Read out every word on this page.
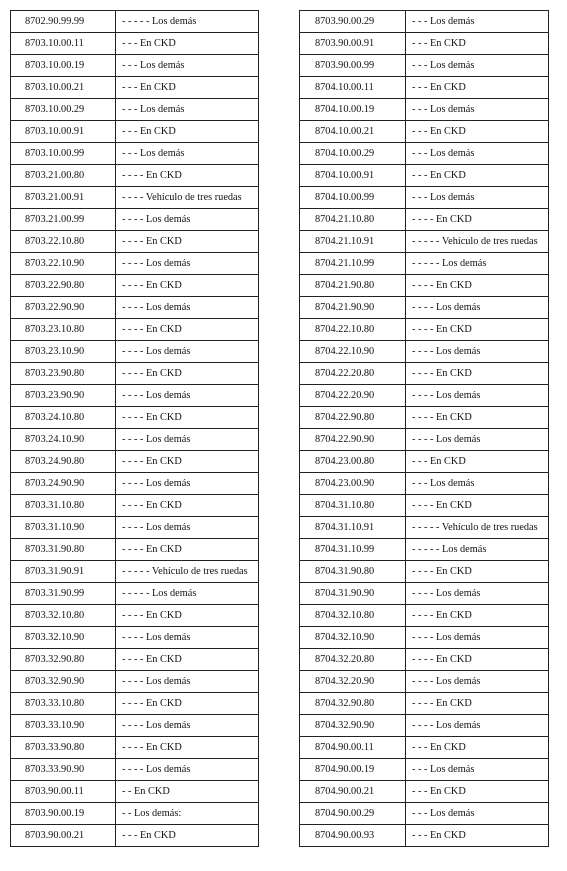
8702.90.99.99	- - - - - Los demás
8703.10.00.11	- - - En CKD
8703.10.00.19	- - - Los demás
8703.10.00.21	- - - En CKD
8703.10.00.29	- - - Los demás
8703.10.00.91	- - - En CKD
8703.10.00.99	- - - Los demás
8703.21.00.80	- - - - En CKD
8703.21.00.91	- - - - Vehículo de tres ruedas
8703.21.00.99	- - - - Los demás
8703.22.10.80	- - - - En CKD
8703.22.10.90	- - - - Los demás
8703.22.90.80	- - - - En CKD
8703.22.90.90	- - - - Los demás
8703.23.10.80	- - - - En CKD
8703.23.10.90	- - - - Los demás
8703.23.90.80	- - - - En CKD
8703.23.90.90	- - - - Los demás
8703.24.10.80	- - - - En CKD
8703.24.10.90	- - - - Los demás
8703.24.90.80	- - - - En CKD
8703.24.90.90	- - - - Los demás
8703.31.10.80	- - - - En CKD
8703.31.10.90	- - - - Los demás
8703.31.90.80	- - - - En CKD
8703.31.90.91	- - - - - Vehículo de tres ruedas
8703.31.90.99	- - - - - Los demás
8703.32.10.80	- - - - En CKD
8703.32.10.90	- - - - Los demás
8703.32.90.80	- - - - En CKD
8703.32.90.90	- - - - Los demás
8703.33.10.80	- - - - En CKD
8703.33.10.90	- - - - Los demás
8703.33.90.80	- - - - En CKD
8703.33.90.90	- - - - Los demás
8703.90.00.11	- - En CKD
8703.90.00.19	- - Los demás:
8703.90.00.21	- - - En CKD
8703.90.00.29	- - - Los demás
8703.90.00.91	- - - En CKD
8703.90.00.99	- - - Los demás
8704.10.00.11	- - - En CKD
8704.10.00.19	- - - Los demás
8704.10.00.21	- - - En CKD
8704.10.00.29	- - - Los demás
8704.10.00.91	- - - En CKD
8704.10.00.99	- - - Los demás
8704.21.10.80	- - - - En CKD
8704.21.10.91	- - - - - Vehículo de tres ruedas
8704.21.10.99	- - - - - Los demás
8704.21.90.80	- - - - En CKD
8704.21.90.90	- - - - Los demás
8704.22.10.80	- - - - En CKD
8704.22.10.90	- - - - Los demás
8704.22.20.80	- - - - En CKD
8704.22.20.90	- - - - Los demás
8704.22.90.80	- - - - En CKD
8704.22.90.90	- - - - Los demás
8704.23.00.80	- - - En CKD
8704.23.00.90	- - - Los demás
8704.31.10.80	- - - - En CKD
8704.31.10.91	- - - - - Vehículo de tres ruedas
8704.31.10.99	- - - - - Los demás
8704.31.90.80	- - - - En CKD
8704.31.90.90	- - - - Los demás
8704.32.10.80	- - - - En CKD
8704.32.10.90	- - - - Los demás
8704.32.20.80	- - - - En CKD
8704.32.20.90	- - - - Los demás
8704.32.90.80	- - - - En CKD
8704.32.90.90	- - - - Los demás
8704.90.00.11	- - - En CKD
8704.90.00.19	- - - Los demás
8704.90.00.21	- - - En CKD
8704.90.00.29	- - - Los demás
8704.90.00.93	- - - En CKD
